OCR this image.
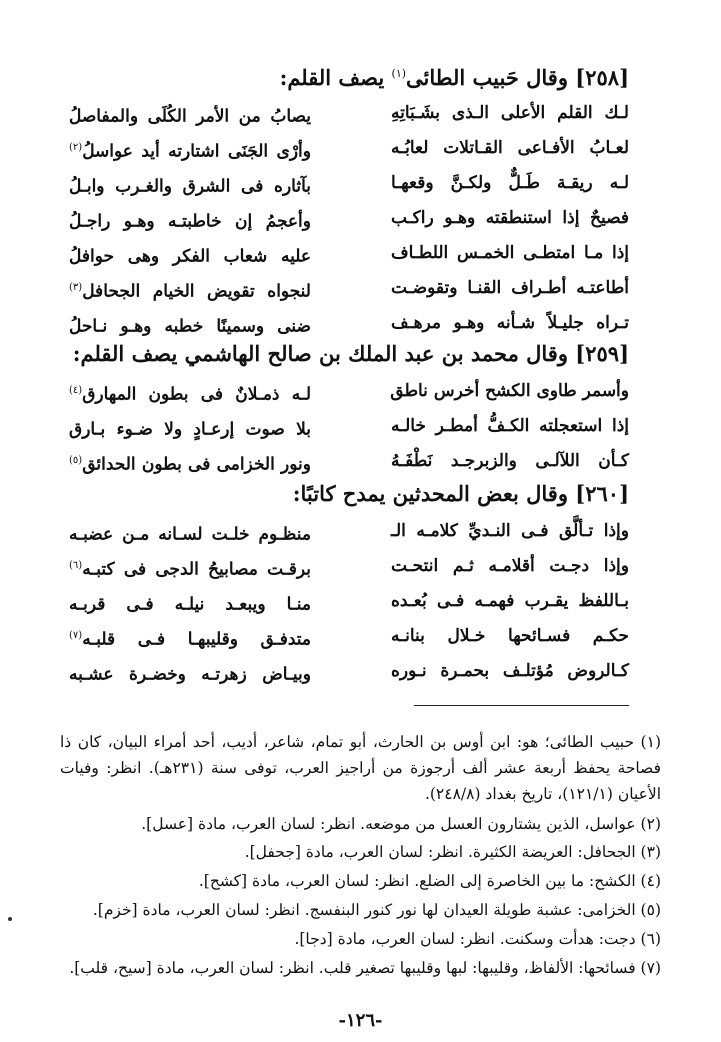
[٢٥٨] وقال حَبيب الطائى$^{(١)}$ يصف القلم:
لـك القلم الأعلى الـذى بشَـبَاتِهِ
يصابُ من الأمر الكُلَى والمفاصلُ
لعـابُ الأفـاعى القـاتلات لعابُـه
وأرْى الجَنَى اشتارته أيد عواسلُ$^{(٢)}$
لـه ريقـة طَـلٌّ ولكـنَّ وقعهـا
بآثاره فى الشرق والغـرب وابـلُ
فصيحٌ إذا استنطقته وهـو راكـب
وأعجمُ إن خاطبتـه وهـو راجـلُ
إذا مـا امتطـى الخمـس اللطـاف
عليه شعاب الفكر وهى حوافلُ
أطاعتـه أطـراف القنـا وتقوضـت
لنجواه تقويض الخيام الجحافل$^{(٣)}$
تـراه جليـلاً شـأنه وهـو مرهـف
ضنى وسمينًا خطبه وهـو نـاحلُ
[٢٥٩] وقال محمد بن عبد الملك بن صالح الهاشمي يصف القلم:
وأسمر طاوى الكشح أخرس ناطق
لـه ذمـلانٌ فى بطون المهارق$^{(٤)}$
إذا استعجلته الكـفُّ أمطـر خالـه
بلا صوت إرعـادٍ ولا ضـوء بـارق
كـأن اللآلـى والزبرجـد نَطْفَـهُ
ونور الخزامى فى بطون الحدائق$^{(٥)}$
[٢٦٠] وقال بعض المحدثين يمدح كاتبًا:
وإذا تـألَّق فـى النـديِّ كلامـه الـ
منظـوم خلـت لسـانه مـن عضبـه
وإذا دجـت أقلامـه ثـم انتحـت
برقـت مصابيحُ الدجى فى كتبـه$^{(٦)}$
بـاللفظ يقـرب فهمـه فـى بُعـده
منـا ويبعـد نيلـه فـى قربـه
حكـم فسـائحها خـلال بنانـه
متدفـق وقليبهـا فـى قلبـه$^{(٧)}$
كـالروض مُؤتلـف بحمـرة نـوره
وبيـاض زهرتـه وخضـرة عشـبه
(١) حبيب الطائى؛ هو: ابن أوس بن الحارث، أبو تمام، شاعر، أديب، أحد أمراء البيان، كان ذا فصاحة يحفظ أربعة عشر ألف أرجوزة من أراجيز العرب، توفى سنة (٢٣١هـ). انظر: وفيات الأعيان (١٢١/١)، تاريخ بغداد (٢٤٨/٨).
(٢) عواسل، الذين يشتارون العسل من موضعه. انظر: لسان العرب، مادة [عسل].
(٣) الجحافل: العريضة الكثيرة. انظر: لسان العرب، مادة [جحفل].
(٤) الكشح: ما بين الخاصرة إلى الضلع. انظر: لسان العرب، مادة [كشح].
(٥) الخزامى: عشبة طويلة العيدان لها نور كنور البنفسج. انظر: لسان العرب، مادة [خزم].
(٦) دجت: هدأت وسكنت. انظر: لسان العرب، مادة [دجا].
(٧) فسائحها: الألفاظ، وقليبها: لبها وقليبها تصغير قلب. انظر: لسان العرب، مادة [سيح، قلب].
-١٢٦-
